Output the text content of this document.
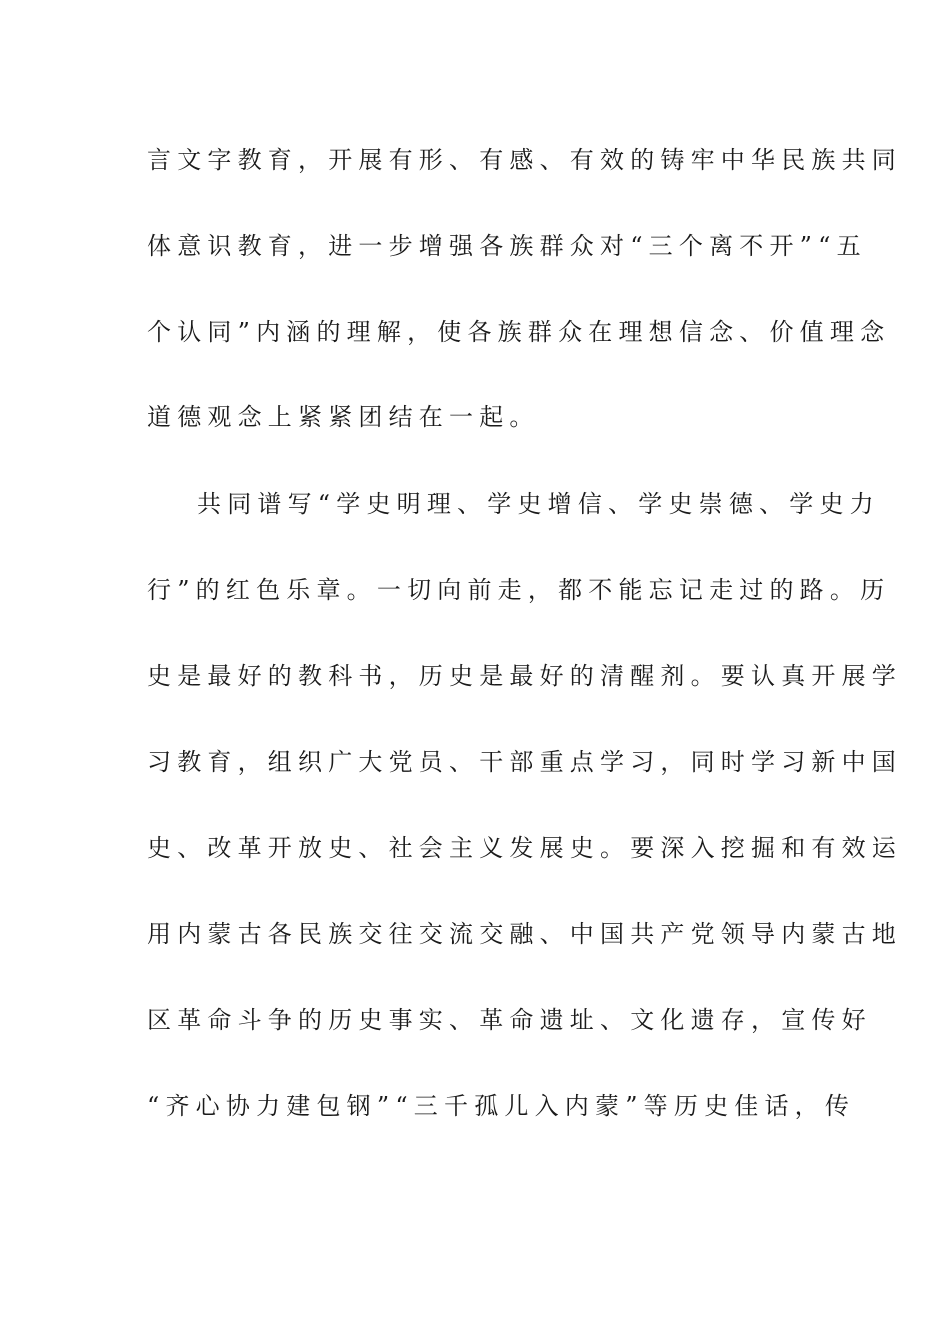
言文字教育，开展有形、有感、有效的铸牢中华民族共同
体意识教育，进一步增强各族群众对“三个离不开”“五
个认同”内涵的理解，使各族群众在理想信念、价值理念
道德观念上紧紧团结在一起。
共同谱写“学史明理、学史增信、学史崇德、学史力
行”的红色乐章。一切向前走，都不能忘记走过的路。历
史是最好的教科书，历史是最好的清醒剂。要认真开展学
习教育，组织广大党员、干部重点学习，同时学习新中国
史、改革开放史、社会主义发展史。要深入挖掘和有效运
用内蒙古各民族交往交流交融、中国共产党领导内蒙古地
区革命斗争的历史事实、革命遗址、文化遗存，宣传好
“齐心协力建包钢”“三千孤儿入内蒙”等历史佳话，传
